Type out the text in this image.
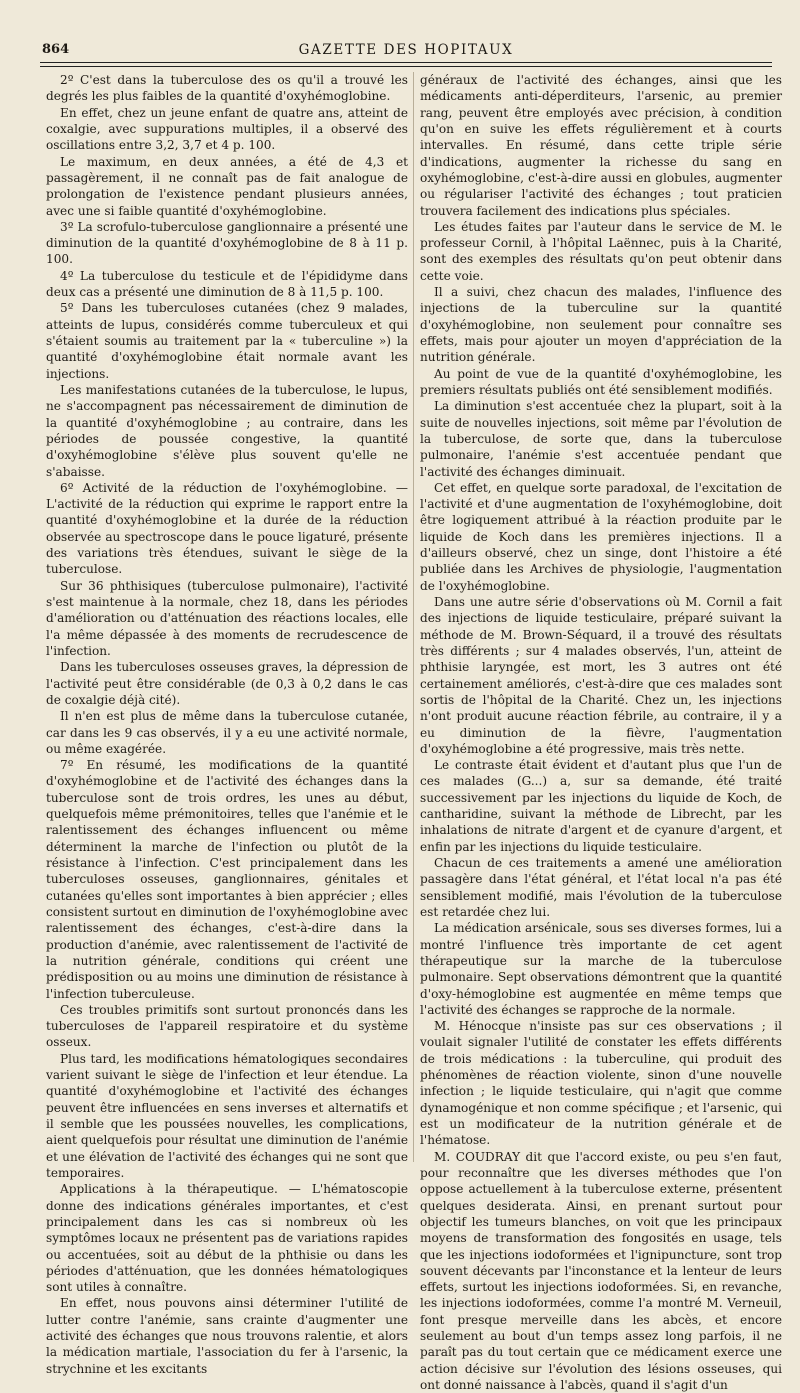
864	GAZETTE DES HOPITAUX

2º C'est dans la tuberculose des os qu'il a trouvé les degrés les plus faibles de la quantité d'oxyhémoglobine.

En effet, chez un jeune enfant de quatre ans, atteint de coxalgie, avec suppurations multiples, il a observé des oscillations entre 3,2, 3,7 et 4 p. 100.

Le maximum, en deux années, a été de 4,3 et passagèrement, il ne connaît pas de fait analogue de prolongation de l'existence pendant plusieurs années, avec une si faible quantité d'oxyhémoglobine.

3º La scrofulo-tuberculose ganglionnaire a présenté une diminution de la quantité d'oxyhémoglobine de 8 à 11 p. 100.

4º La tuberculose du testicule et de l'épididyme dans deux cas a présenté une diminution de 8 à 11,5 p. 100.

5º Dans les tuberculoses cutanées (chez 9 malades, atteints de lupus, considérés comme tuberculeux et qui s'étaient soumis au traitement par la « tuberculine ») la quantité d'oxyhémoglobine était normale avant les injections.

Les manifestations cutanées de la tuberculose, le lupus, ne s'accompagnent pas nécessairement de diminution de la quantité d'oxyhémoglobine ; au contraire, dans les périodes de poussée congestive, la quantité d'oxyhémoglobine s'élève plus souvent qu'elle ne s'abaisse.

6º Activité de la réduction de l'oxyhémoglobine. — L'activité de la réduction qui exprime le rapport entre la quantité d'oxyhémoglobine et la durée de la réduction observée au spectroscope dans le pouce ligaturé, présente des variations très étendues, suivant le siège de la tuberculose.

Sur 36 phthisiques (tuberculose pulmonaire), l'activité s'est maintenue à la normale, chez 18, dans les périodes d'amélioration ou d'atténuation des réactions locales, elle l'a même dépassée à des moments de recrudescence de l'infection.

Dans les tuberculoses osseuses graves, la dépression de l'activité peut être considérable (de 0,3 à 0,2 dans le cas de coxalgie déjà cité).

Il n'en est plus de même dans la tuberculose cutanée, car dans les 9 cas observés, il y a eu une activité normale, ou même exagérée.

7º En résumé, les modifications de la quantité d'oxyhémoglobine et de l'activité des échanges dans la tuberculose sont de trois ordres, les unes au début, quelquefois même prémonitoires, telles que l'anémie et le ralentissement des échanges influencent ou même déterminent la marche de l'infection ou plutôt de la résistance à l'infection. C'est principalement dans les tuberculoses osseuses, ganglionnaires, génitales et cutanées qu'elles sont importantes à bien apprécier ; elles consistent surtout en diminution de l'oxyhémoglobine avec ralentissement des échanges, c'est-à-dire dans la production d'anémie, avec ralentissement de l'activité de la nutrition générale, conditions qui créent une prédisposition ou au moins une diminution de résistance à l'infection tuberculeuse.

Ces troubles primitifs sont surtout prononcés dans les tuberculoses de l'appareil respiratoire et du système osseux.

Plus tard, les modifications hématologiques secondaires varient suivant le siège de l'infection et leur étendue. La quantité d'oxyhémoglobine et l'activité des échanges peuvent être influencées en sens inverses et alternatifs et il semble que les poussées nouvelles, les complications, aient quelquefois pour résultat une diminution de l'anémie et une élévation de l'activité des échanges qui ne sont que temporaires.

Applications à la thérapeutique. — L'hématoscopie donne des indications générales importantes, et c'est principalement dans les cas si nombreux où les symptômes locaux ne présentent pas de variations rapides ou accentuées, soit au début de la phthisie ou dans les périodes d'atténuation, que les données hématologiques sont utiles à connaître.

En effet, nous pouvons ainsi déterminer l'utilité de lutter contre l'anémie, sans crainte d'augmenter une activité des échanges que nous trouvons ralentie, et alors la médication martiale, l'association du fer à l'arsenic, la strychnine et les excitants

généraux de l'activité des échanges, ainsi que les médicaments anti-déperditeurs, l'arsenic, au premier rang, peuvent être employés avec précision, à condition qu'on en suive les effets régulièrement et à courts intervalles. En résumé, dans cette triple série d'indications, augmenter la richesse du sang en oxyhémoglobine, c'est-à-dire aussi en globules, augmenter ou régulariser l'activité des échanges ; tout praticien trouvera facilement des indications plus spéciales.

Les études faites par l'auteur dans le service de M. le professeur Cornil, à l'hôpital Laënnec, puis à la Charité, sont des exemples des résultats qu'on peut obtenir dans cette voie.

Il a suivi, chez chacun des malades, l'influence des injections de la tuberculine sur la quantité d'oxyhémoglobine, non seulement pour connaître ses effets, mais pour ajouter un moyen d'appréciation de la nutrition générale.

Au point de vue de la quantité d'oxyhémoglobine, les premiers résultats publiés ont été sensiblement modifiés.

La diminution s'est accentuée chez la plupart, soit à la suite de nouvelles injections, soit même par l'évolution de la tuberculose, de sorte que, dans la tuberculose pulmonaire, l'anémie s'est accentuée pendant que l'activité des échanges diminuait.

Cet effet, en quelque sorte paradoxal, de l'excitation de l'activité et d'une augmentation de l'oxyhémoglobine, doit être logiquement attribué à la réaction produite par le liquide de Koch dans les premières injections. Il a d'ailleurs observé, chez un singe, dont l'histoire a été publiée dans les Archives de physiologie, l'augmentation de l'oxyhémoglobine.

Dans une autre série d'observations où M. Cornil a fait des injections de liquide testiculaire, préparé suivant la méthode de M. Brown-Séquard, il a trouvé des résultats très différents ; sur 4 malades observés, l'un, atteint de phthisie laryngée, est mort, les 3 autres ont été certainement améliorés, c'est-à-dire que ces malades sont sortis de l'hôpital de la Charité. Chez un, les injections n'ont produit aucune réaction fébrile, au contraire, il y a eu diminution de la fièvre, l'augmentation d'oxyhémoglobine a été progressive, mais très nette.

Le contraste était évident et d'autant plus que l'un de ces malades (G...) a, sur sa demande, été traité successivement par les injections du liquide de Koch, de cantharidine, suivant la méthode de Librecht, par les inhalations de nitrate d'argent et de cyanure d'argent, et enfin par les injections du liquide testiculaire.

Chacun de ces traitements a amené une amélioration passagère dans l'état général, et l'état local n'a pas été sensiblement modifié, mais l'évolution de la tuberculose est retardée chez lui.

La médication arsénicale, sous ses diverses formes, lui a montré l'influence très importante de cet agent thérapeutique sur la marche de la tuberculose pulmonaire. Sept observations démontrent que la quantité d'oxy-hémoglobine est augmentée en même temps que l'activité des échanges se rapproche de la normale.

M. Hénocque n'insiste pas sur ces observations ; il voulait signaler l'utilité de constater les effets différents de trois médications : la tuberculine, qui produit des phénomènes de réaction violente, sinon d'une nouvelle infection ; le liquide testiculaire, qui n'agit que comme dynamogénique et non comme spécifique ; et l'arsenic, qui est un modificateur de la nutrition générale et de l'hématose.

M. COUDRAY dit que l'accord existe, ou peu s'en faut, pour reconnaître que les diverses méthodes que l'on oppose actuellement à la tuberculose externe, présentent quelques desiderata. Ainsi, en prenant surtout pour objectif les tumeurs blanches, on voit que les principaux moyens de transformation des fongosités en usage, tels que les injections iodoformées et l'ignipuncture, sont trop souvent décevants par l'inconstance et la lenteur de leurs effets, surtout les injections iodoformées. Si, en revanche, les injections iodoformées, comme l'a montré M. Verneuil, font presque merveille dans les abcès, et encore seulement au bout d'un temps assez long parfois, il ne paraît pas du tout certain que ce médicament exerce une action décisive sur l'évolution des lésions osseuses, qui ont donné naissance à l'abcès, quand il s'agit d'un
